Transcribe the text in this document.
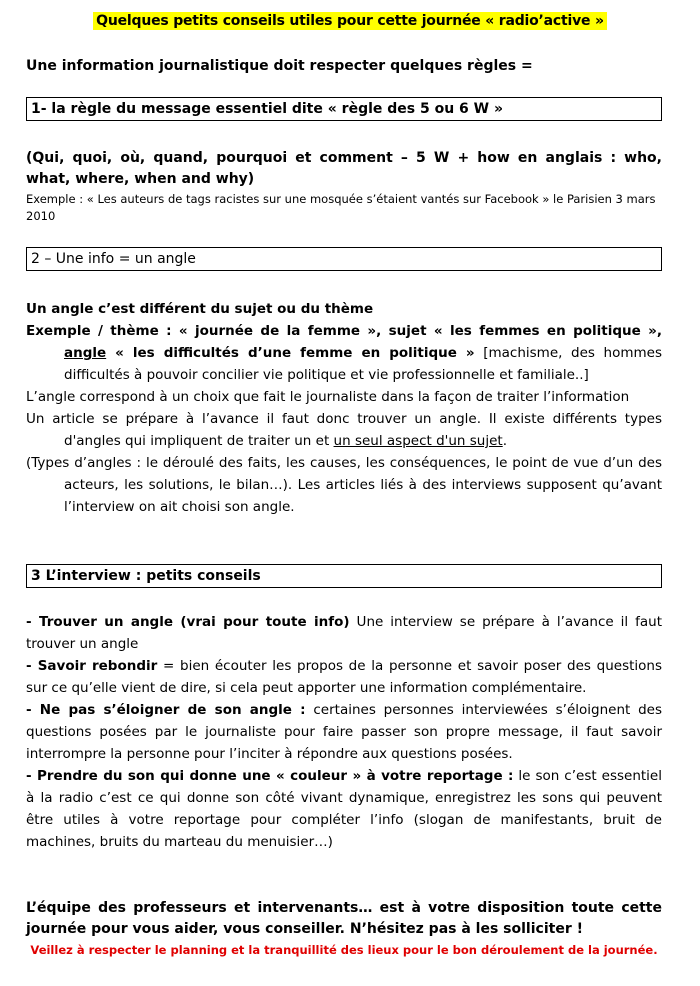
Quelques petits conseils utiles pour cette journée « radio’active »
Une information journalistique doit respecter quelques règles =
1- la règle du message essentiel dite « règle des 5 ou 6 W »
(Qui, quoi, où, quand, pourquoi et comment – 5 W + how en anglais : who, what, where, when and why)
Exemple : « Les auteurs de tags racistes sur une mosquée s’étaient vantés sur Facebook » le Parisien 3 mars 2010
2 – Une info = un angle
Un angle c’est différent du sujet ou du thème
Exemple / thème : « journée de la femme », sujet « les femmes en politique », angle « les difficultés d’une femme en politique » [machisme, des hommes difficultés à pouvoir concilier vie politique et vie professionnelle et familiale..]
L’angle correspond à un choix que fait le journaliste dans la façon de traiter l’information
Un article se prépare à l’avance il faut donc trouver un angle. Il existe différents types d'angles qui impliquent de traiter un et un seul aspect d'un sujet.
(Types d’angles : le déroulé des faits, les causes, les conséquences, le point de vue d’un des acteurs, les solutions, le bilan…). Les articles liés à des interviews supposent qu’avant l’interview on ait choisi son angle.
3 L’interview : petits conseils
- Trouver un angle (vrai pour toute info) Une interview se prépare à l’avance il faut trouver un angle
- Savoir rebondir = bien écouter les propos de la personne et savoir poser des questions sur ce qu’elle vient de dire, si cela peut apporter une information complémentaire.
- Ne pas s’éloigner de son angle : certaines personnes interviewées s’éloignent des questions posées par le journaliste pour faire passer son propre message, il faut savoir interrompre la personne pour l’inciter à répondre aux questions posées.
- Prendre du son qui donne une « couleur » à votre reportage : le son c’est essentiel à la radio c’est ce qui donne son côté vivant dynamique, enregistrez les sons qui peuvent être utiles à votre reportage pour compléter l’info (slogan de manifestants, bruit de machines, bruits du marteau du menuisier…)
L’équipe des professeurs et intervenants… est à votre disposition toute cette journée pour vous aider, vous conseiller. N’hésitez pas à les solliciter !
Veillez à respecter le planning et la tranquillité des lieux pour le bon déroulement de la journée.
